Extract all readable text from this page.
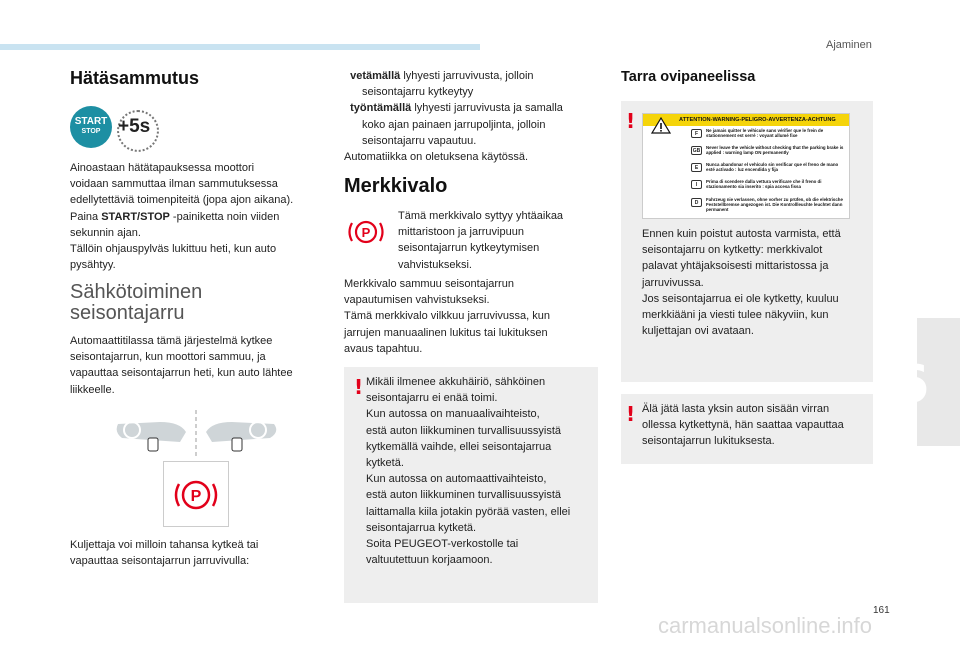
Ajaminen
6
161
Hätäsammutus
START
STOP +5s
Ainoastaan hätätapauksessa moottori
voidaan sammuttaa ilman sammutuksessa
edellytettäviä toimenpiteitä (jopa ajon aikana).
Paina START/STOP -painiketta noin viiden
sekunnin ajan.
Tällöin ohjauspylväs lukittuu heti, kun auto
pysähtyy.
Sähkötoiminen
seisontajarru
Automaattitilassa tämä järjestelmä kytkee
seisontajarrun, kun moottori sammuu, ja
vapauttaa seisontajarrun heti, kun auto lähtee
liikkeelle.
P
Kuljettaja voi milloin tahansa kytkeä tai
vapauttaa seisontajarrun jarruvivulla:
vetämällä lyhyesti jarruvivusta, jolloin
seisontajarru kytkeytyy
työntämällä lyhyesti jarruvivusta ja samalla
koko ajan painaen jarrupoljinta, jolloin
seisontajarru vapautuu.
Automatiikka on oletuksena käytössä.
Merkkivalo
P
Tämä merkkivalo syttyy yhtäaikaa
mittaristoon ja jarruvipuun
seisontajarrun kytkeytymisen
vahvistukseksi.
Merkkivalo sammuu seisontajarrun
vapautumisen vahvistukseksi.
Tämä merkkivalo vilkkuu jarruvivussa, kun
jarrujen manuaalinen lukitus tai lukituksen
avaus tapahtuu.
! Mikäli ilmenee akkuhäiriö, sähköinen
seisontajarru ei enää toimi.
Kun autossa on manuaalivaihteisto,
estä auton liikkuminen turvallisuussyistä
kytkemällä vaihde, ellei seisontajarrua
kytketä.
Kun autossa on automaattivaihteisto,
estä auton liikkuminen turvallisuussyistä
laittamalla kiila jotakin pyörää vasten, ellei
seisontajarrua kytketä.
Soita PEUGEOT-verkostolle tai
valtuutettuun korjaamoon.
Tarra ovipaneelissa
!
Ennen kuin poistut autosta varmista, että
seisontajarru on kytketty: merkkivalot
palavat yhtäjaksoisesti mittaristossa ja
jarruvivussa.
Jos seisontajarrua ei ole kytketty, kuuluu
merkkiääni ja viesti tulee näkyviin, kun
kuljettajan ovi avataan.
ATTENTION-WARNING-PELIGRO-AVVERTENZA-ACHTUNG
F
Ne jamais quitter le véhicule sans vérifier que le frein de stationnement est serré : voyant allumé fixe
GB
Never leave the vehicle without checking that the parking brake is applied : warning lamp ON permanently
E
Nunca abandonar el vehículo sin verificar que el freno de mano esté activado : luz encendida y fija
I
Prima di scendere dalla vettura verificare che il freno di stazionamento sia inserito : spia accesa fissa
D
Fahrzeug nie verlassen, ohne vorher zu prüfen, ob die elektrische Feststellbremse angezogen ist. Die Kontrollleuchte leuchtet dann permanent
! Älä jätä lasta yksin auton sisään virran
ollessa kytkettynä, hän saattaa vapauttaa
seisontajarrun lukituksesta.
carmanualsonline.info
